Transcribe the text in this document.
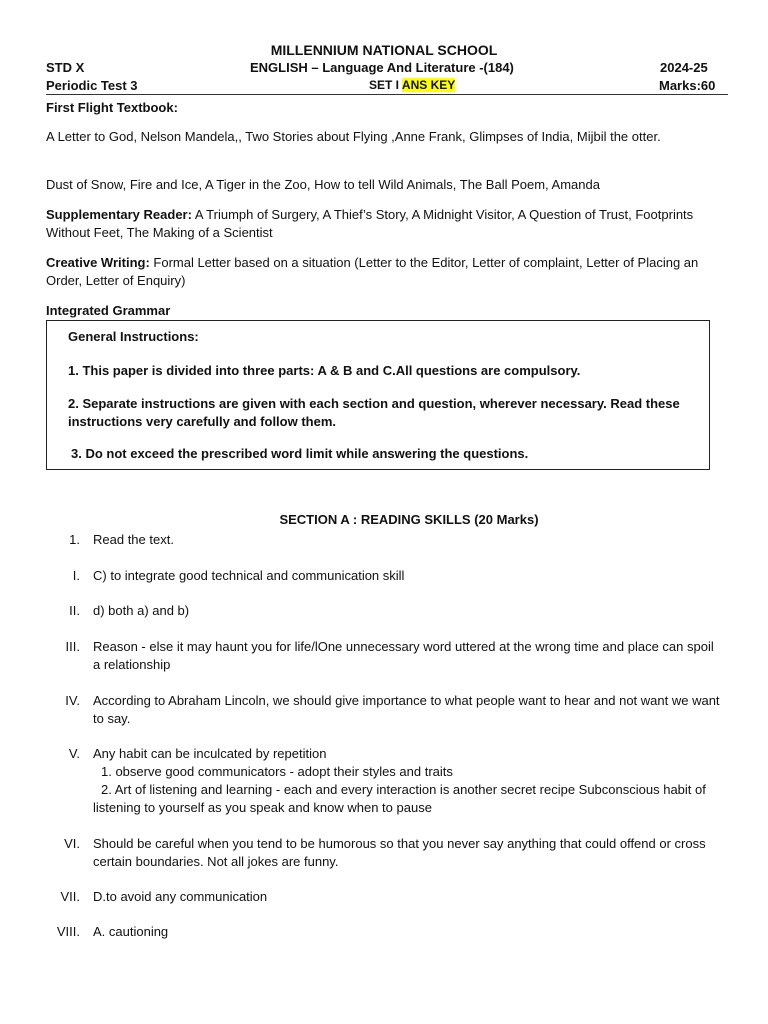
MILLENNIUM NATIONAL SCHOOL
STD X	ENGLISH – Language And Literature -(184)	2024-25
Periodic Test 3	SET I ANS KEY	Marks:60
First Flight Textbook:
A Letter to God, Nelson Mandela,, Two Stories about Flying ,Anne Frank, Glimpses of India, Mijbil the otter.
Dust of Snow, Fire and Ice, A Tiger in the Zoo, How to tell Wild Animals, The Ball Poem, Amanda
Supplementary Reader: A Triumph of Surgery, A Thief’s Story, A Midnight Visitor, A Question of Trust, Footprints Without Feet, The Making of a Scientist
Creative Writing: Formal Letter based on a situation (Letter to the Editor, Letter of complaint, Letter of Placing an Order, Letter of Enquiry)
Integrated Grammar
General Instructions:
1. This paper is divided into three parts: A & B and C.All questions are compulsory.
2. Separate instructions are given with each section and question, wherever necessary. Read these instructions very carefully and follow them.
3. Do not exceed the prescribed word limit while answering the questions.
SECTION A : READING SKILLS (20 Marks)
1. Read the text.
I. C) to integrate good technical and communication skill
II. d) both a) and b)
III. Reason - else it may haunt you for life/lOne unnecessary word uttered at the wrong time and place can spoil a relationship
IV. According to Abraham Lincoln, we should give importance to what people want to hear and not want we want to say.
V. Any habit can be inculcated by repetition
1. observe good communicators - adopt their styles and traits
2. Art of listening and learning - each and every interaction is another secret recipe Subconscious habit of listening to yourself as you speak and know when to pause
VI. Should be careful when you tend to be humorous so that you never say anything that could offend or cross certain boundaries. Not all jokes are funny.
VII. D.to avoid any communication
VIII. A. cautioning
